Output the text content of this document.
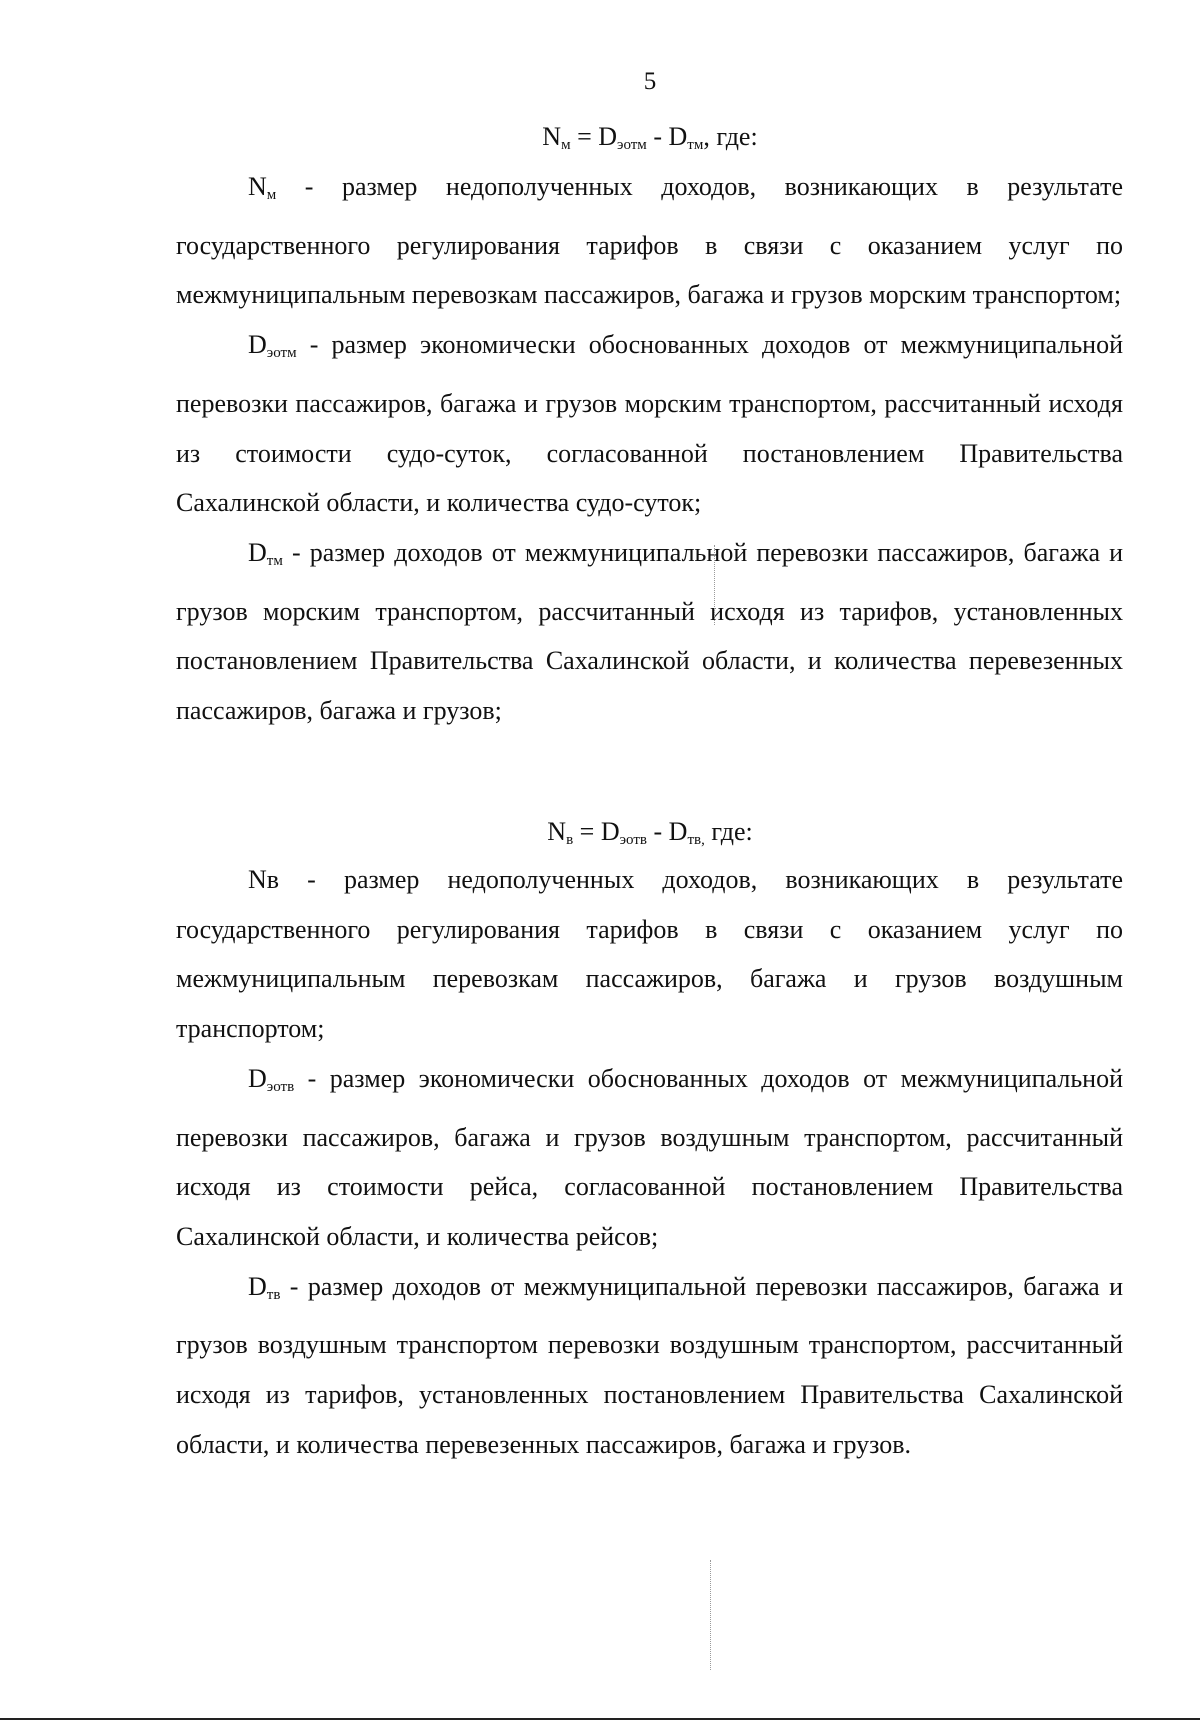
5
Nм = Dэотм - Dтм, где:

Nм - размер недополученных доходов, возникающих в результате государственного регулирования тарифов в связи с оказанием услуг по межмуниципальным перевозкам пассажиров, багажа и грузов морским транспортом;

Dэотм - размер экономически обоснованных доходов от межмуниципальной перевозки пассажиров, багажа и грузов морским транспортом, рассчитанный исходя из стоимости судо-суток, согласованной постановлением Правительства Сахалинской области, и количества судо-суток;

Dтм - размер доходов от межмуниципальной перевозки пассажиров, багажа и грузов морским транспортом, рассчитанный исходя из тарифов, установленных постановлением Правительства Сахалинской области, и количества перевезенных пассажиров, багажа и грузов;

Nв = Dэотв - Dтв, где:

Nв - размер недополученных доходов, возникающих в результате государственного регулирования тарифов в связи с оказанием услуг по межмуниципальным перевозкам пассажиров, багажа и грузов воздушным транспортом;

Dэотв - размер экономически обоснованных доходов от межмуниципальной перевозки пассажиров, багажа и грузов воздушным транспортом, рассчитанный исходя из стоимости рейса, согласованной постановлением Правительства Сахалинской области, и количества рейсов;

Dтв - размер доходов от межмуниципальной перевозки пассажиров, багажа и грузов воздушным транспортом перевозки воздушным транспортом, рассчитанный исходя из тарифов, установленных постановлением Правительства Сахалинской области, и количества перевезенных пассажиров, багажа и грузов.
